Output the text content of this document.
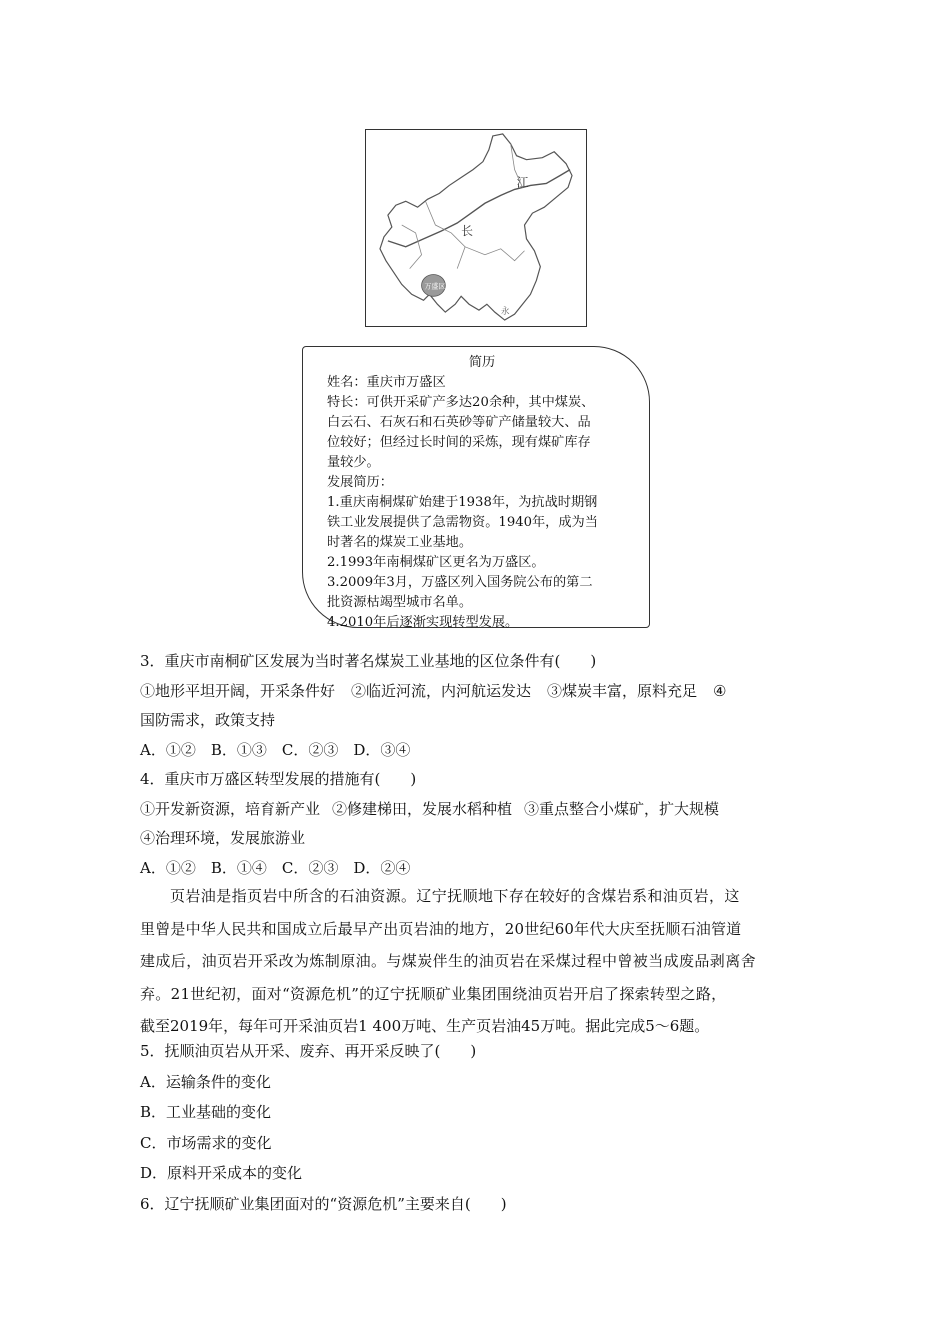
江
长
万盛区
永
简历

姓名：重庆市万盛区

特长：可供开采矿产多达20余种，其中煤炭、

白云石、石灰石和石英砂等矿产储量较大、品

位较好；但经过长时间的采炼，现有煤矿库存

量较少。

发展简历：

1.重庆南桐煤矿始建于1938年，为抗战时期钢

铁工业发展提供了急需物资。1940年，成为当

时著名的煤炭工业基地。

2.1993年南桐煤矿区更名为万盛区。

3.2009年3月，万盛区列入国务院公布的第二

批资源枯竭型城市名单。

4.2010年后逐渐实现转型发展。

3．重庆市南桐矿区发展为当时著名煤炭工业基地的区位条件有(　　)

①地形平坦开阔，开采条件好 ②临近河流，内河航运发达 ③煤炭丰富，原料充足 ④

国防需求，政策支持

A．①②　B．①③　C．②③　D．③④

4．重庆市万盛区转型发展的措施有(　　)

①开发新资源，培育新产业 ②修建梯田，发展水稻种植 ③重点整合小煤矿，扩大规模

④治理环境，发展旅游业

A．①②　B．①④　C．②③　D．②④

页岩油是指页岩中所含的石油资源。辽宁抚顺地下存在较好的含煤岩系和油页岩，这

里曾是中华人民共和国成立后最早产出页岩油的地方，20世纪60年代大庆至抚顺石油管道

建成后，油页岩开采改为炼制原油。与煤炭伴生的油页岩在采煤过程中曾被当成废品剥离舍

弃。21世纪初，面对“资源危机”的辽宁抚顺矿业集团围绕油页岩开启了探索转型之路，

截至2019年，每年可开采油页岩1 400万吨、生产页岩油45万吨。据此完成5～6题。

5．抚顺油页岩从开采、废弃、再开采反映了(　　)

A．运输条件的变化

B．工业基础的变化

C．市场需求的变化

D．原料开采成本的变化

6．辽宁抚顺矿业集团面对的“资源危机”主要来自(　　)
